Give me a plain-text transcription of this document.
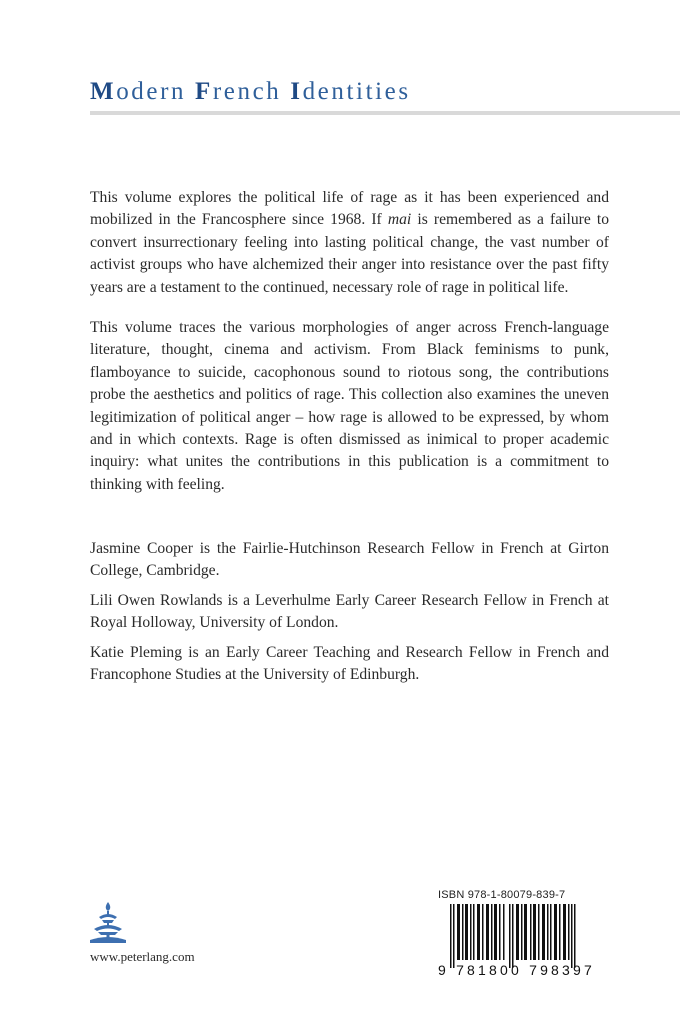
Modern French Identities

This volume explores the political life of rage as it has been experienced and mobilized in the Francosphere since 1968. If mai is remembered as a failure to convert insurrectionary feeling into lasting political change, the vast number of activist groups who have alchemized their anger into resistance over the past fifty years are a testament to the continued, necessary role of rage in political life.

This volume traces the various morphologies of anger across French-language literature, thought, cinema and activism. From Black feminisms to punk, flamboyance to suicide, cacophonous sound to riotous song, the contributions probe the aesthetics and politics of rage. This collection also examines the uneven legitimization of political anger – how rage is allowed to be expressed, by whom and in which contexts. Rage is often dismissed as inimical to proper academic inquiry: what unites the contributions in this publication is a commitment to thinking with feeling.

Jasmine Cooper is the Fairlie-Hutchinson Research Fellow in French at Girton College, Cambridge.

Lili Owen Rowlands is a Leverhulme Early Career Research Fellow in French at Royal Holloway, University of London.

Katie Pleming is an Early Career Teaching and Research Fellow in French and Francophone Studies at the University of Edinburgh.

www.peterlang.com
ISBN 978-1-80079-839-7
9 781800 798397
